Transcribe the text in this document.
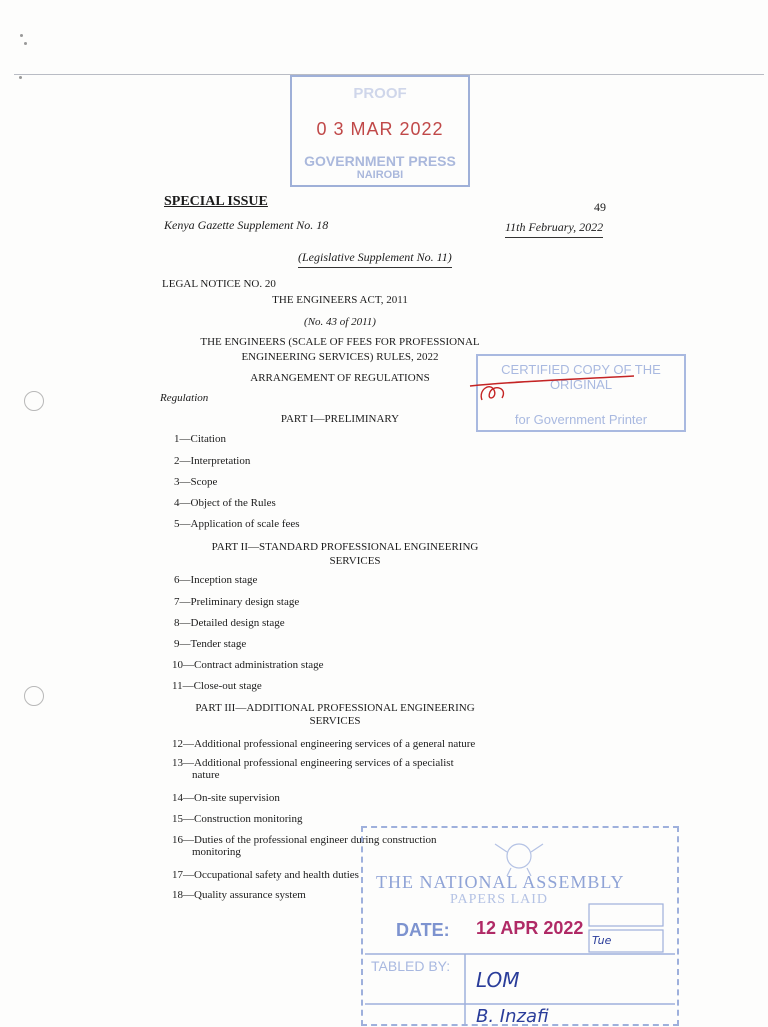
PROOF
0 3 MAR 2022
GOVERNMENT PRESS
NAIROBI
SPECIAL ISSUE	49
Kenya Gazette Supplement No. 18	11th February, 2022
(Legislative Supplement No. 11)
LEGAL NOTICE NO. 20
THE ENGINEERS ACT, 2011
(No. 43 of 2011)
THE ENGINEERS (SCALE OF FEES FOR PROFESSIONAL
ENGINEERING SERVICES) RULES, 2022
ARRANGEMENT OF REGULATIONS
Regulation
CERTIFIED COPY OF THE ORIGINAL
for Government Printer
PART I—PRELIMINARY
1—Citation
2—Interpretation
3—Scope
4—Object of the Rules
5—Application of scale fees
PART II—STANDARD PROFESSIONAL ENGINEERING
SERVICES
6—Inception stage
7—Preliminary design stage
8—Detailed design stage
9—Tender stage
10—Contract administration stage
11—Close-out stage
PART III—ADDITIONAL PROFESSIONAL ENGINEERING
SERVICES
12—Additional professional engineering services of a general nature
13—Additional professional engineering services of a specialist
nature
14—On-site supervision
15—Construction monitoring
16—Duties of the professional engineer during construction
monitoring
17—Occupational safety and health duties
18—Quality assurance system
THE NATIONAL ASSEMBLY
PAPERS LAID
DATE: 12 APR 2022
Tue
TABLED BY:
LOM
B. Inzafi
